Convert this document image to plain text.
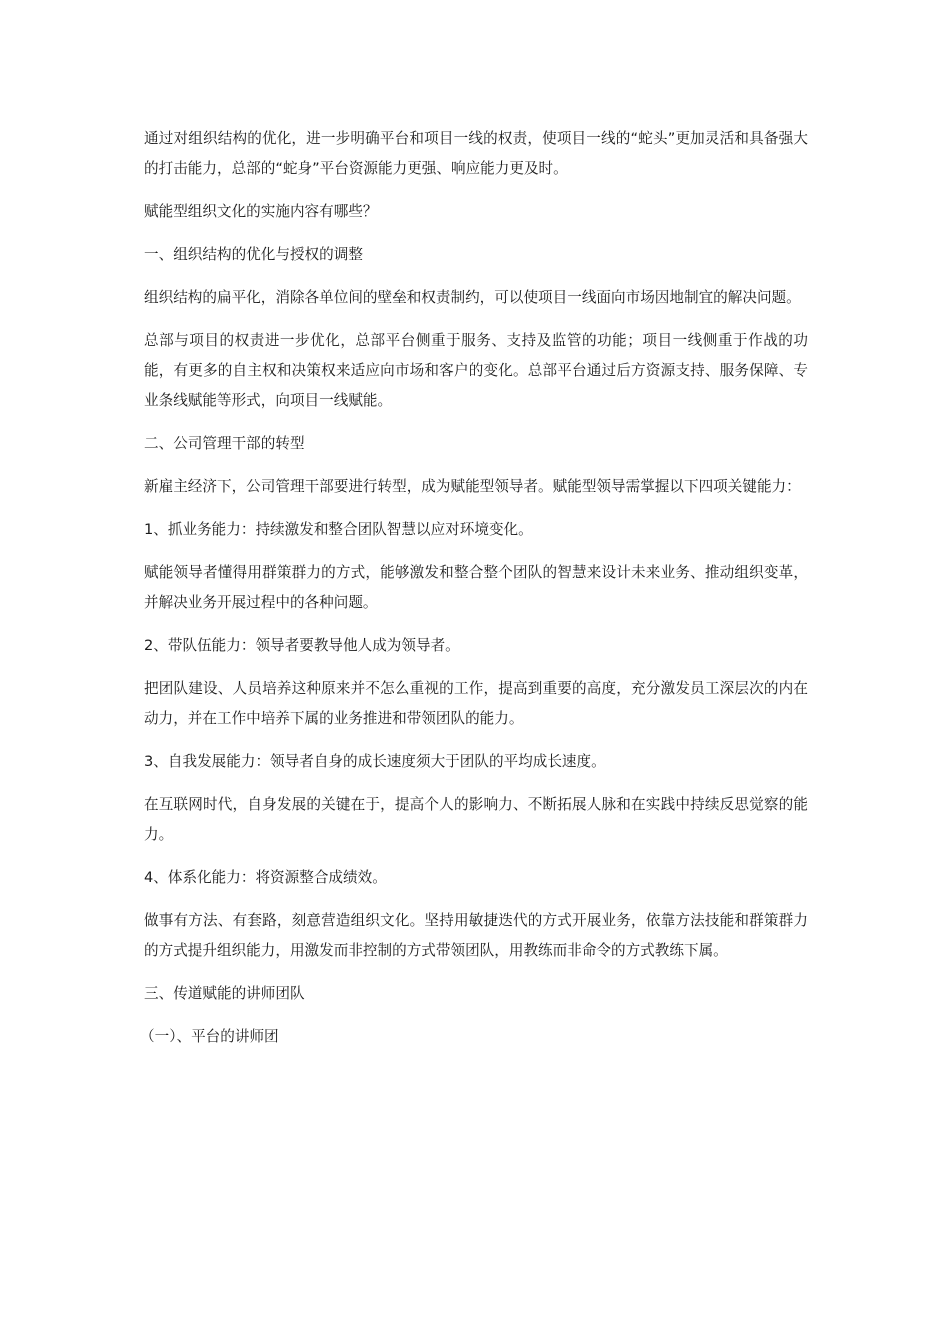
通过对组织结构的优化，进一步明确平台和项目一线的权责，使项目一线的“蛇头”更加灵活和具备强大的打击能力，总部的“蛇身”平台资源能力更强、响应能力更及时。

赋能型组织文化的实施内容有哪些？

一、组织结构的优化与授权的调整

组织结构的扁平化，消除各单位间的壁垒和权责制约，可以使项目一线面向市场因地制宜的解决问题。

总部与项目的权责进一步优化，总部平台侧重于服务、支持及监管的功能；项目一线侧重于作战的功能，有更多的自主权和决策权来适应向市场和客户的变化。总部平台通过后方资源支持、服务保障、专业条线赋能等形式，向项目一线赋能。

二、公司管理干部的转型

新雇主经济下，公司管理干部要进行转型，成为赋能型领导者。赋能型领导需掌握以下四项关键能力：

1、抓业务能力：持续激发和整合团队智慧以应对环境变化。

赋能领导者懂得用群策群力的方式，能够激发和整合整个团队的智慧来设计未来业务、推动组织变革，并解决业务开展过程中的各种问题。

2、带队伍能力：领导者要教导他人成为领导者。

把团队建设、人员培养这种原来并不怎么重视的工作，提高到重要的高度，充分激发员工深层次的内在动力，并在工作中培养下属的业务推进和带领团队的能力。

3、自我发展能力：领导者自身的成长速度须大于团队的平均成长速度。

在互联网时代，自身发展的关键在于，提高个人的影响力、不断拓展人脉和在实践中持续反思觉察的能力。

4、体系化能力：将资源整合成绩效。

做事有方法、有套路，刻意营造组织文化。坚持用敏捷迭代的方式开展业务，依靠方法技能和群策群力的方式提升组织能力，用激发而非控制的方式带领团队，用教练而非命令的方式教练下属。

三、传道赋能的讲师团队

（一）、平台的讲师团
